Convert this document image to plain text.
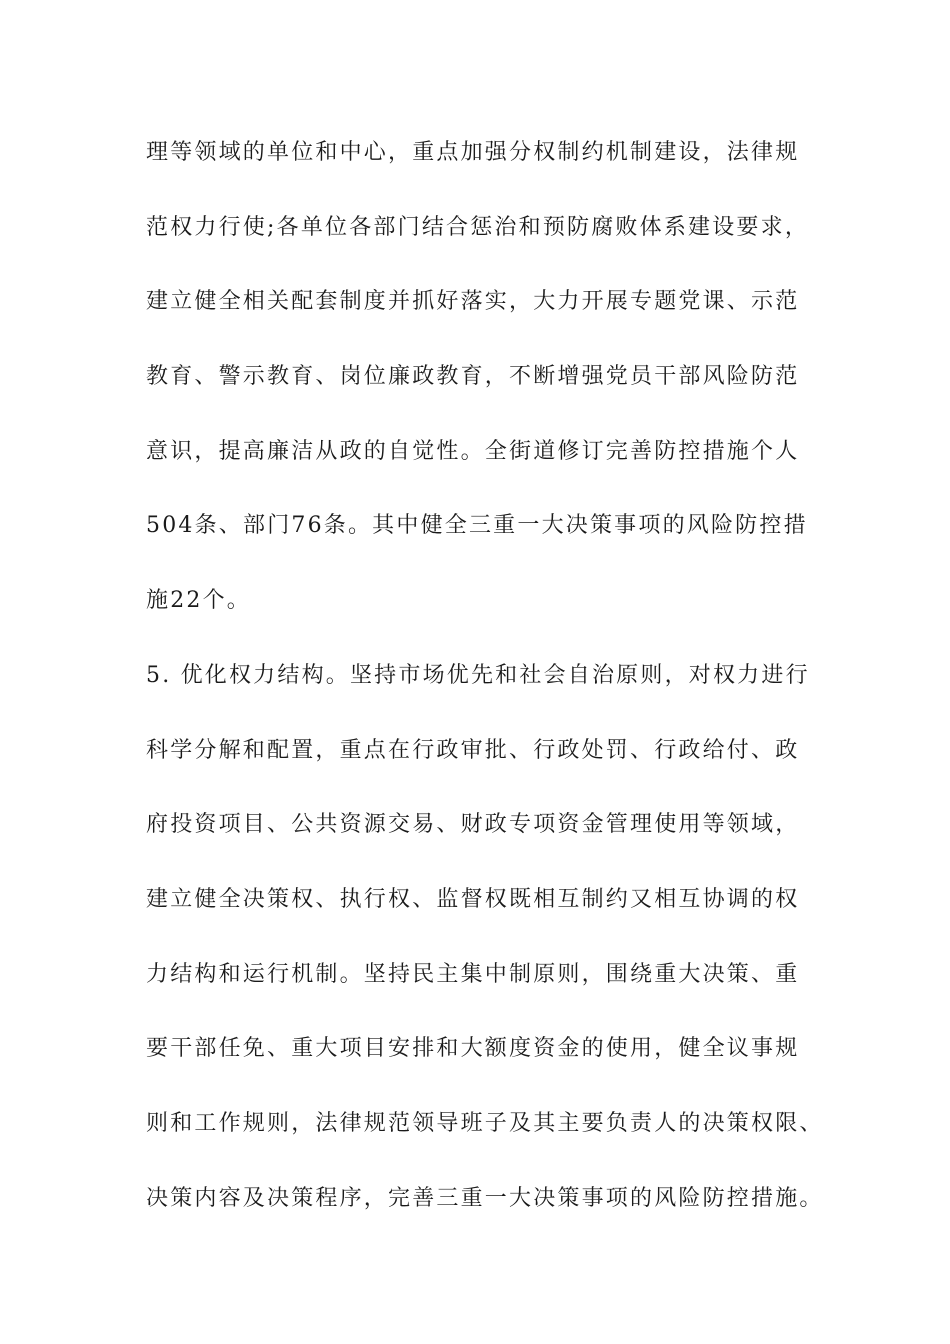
理等领域的单位和中心，重点加强分权制约机制建设，法律规
范权力行使;各单位各部门结合惩治和预防腐败体系建设要求，
建立健全相关配套制度并抓好落实，大力开展专题党课、示范
教育、警示教育、岗位廉政教育，不断增强党员干部风险防范
意识，提高廉洁从政的自觉性。全街道修订完善防控措施个人
504条、部门76条。其中健全三重一大决策事项的风险防控措
施22个。
5. 优化权力结构。坚持市场优先和社会自治原则，对权力进行
科学分解和配置，重点在行政审批、行政处罚、行政给付、政
府投资项目、公共资源交易、财政专项资金管理使用等领域，
建立健全决策权、执行权、监督权既相互制约又相互协调的权
力结构和运行机制。坚持民主集中制原则，围绕重大决策、重
要干部任免、重大项目安排和大额度资金的使用，健全议事规
则和工作规则，法律规范领导班子及其主要负责人的决策权限、
决策内容及决策程序，完善三重一大决策事项的风险防控措施。
